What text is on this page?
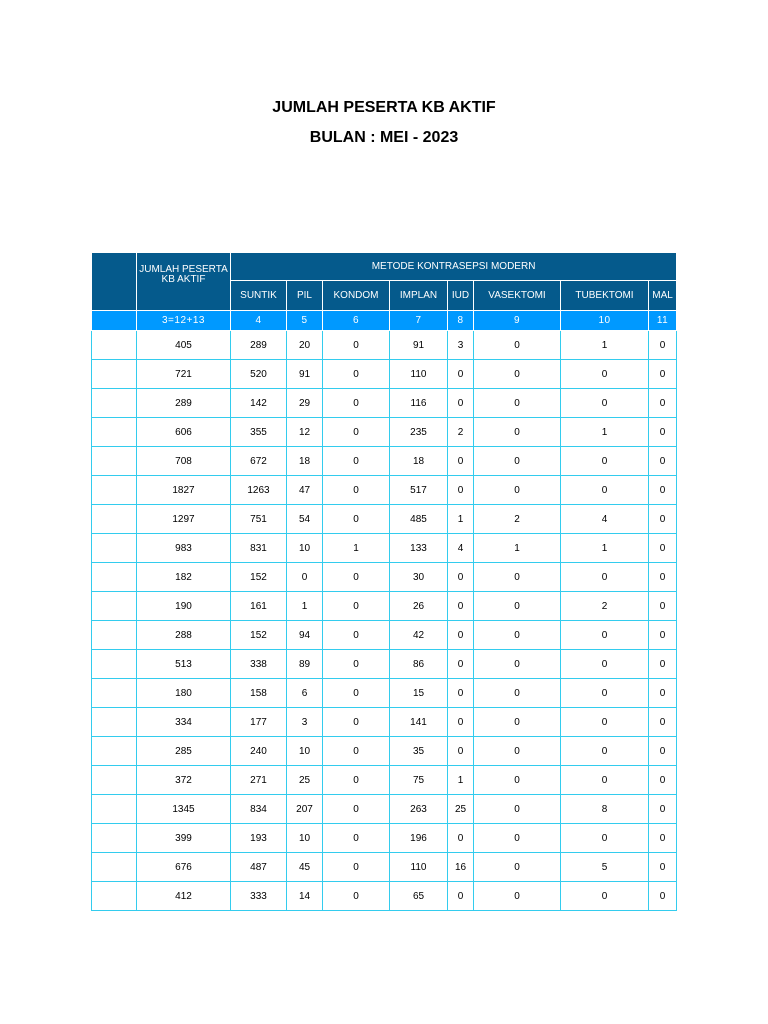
JUMLAH PESERTA KB AKTIF
BULAN : MEI - 2023
	JUMLAH PESERTA KB AKTIF	METODE KONTRASEPSI MODERN							
		SUNTIK	PIL	KONDOM	IMPLAN	IUD	VASEKTOMI	TUBEKTOMI	MAL
	3=12+13	4	5	6	7	8	9	10	11
	405	289	20	0	91	3	0	1	0
	721	520	91	0	110	0	0	0	0
	289	142	29	0	116	0	0	0	0
	606	355	12	0	235	2	0	1	0
	708	672	18	0	18	0	0	0	0
	1827	1263	47	0	517	0	0	0	0
	1297	751	54	0	485	1	2	4	0
	983	831	10	1	133	4	1	1	0
	182	152	0	0	30	0	0	0	0
	190	161	1	0	26	0	0	2	0
	288	152	94	0	42	0	0	0	0
	513	338	89	0	86	0	0	0	0
	180	158	6	0	15	0	0	0	0
	334	177	3	0	141	0	0	0	0
	285	240	10	0	35	0	0	0	0
	372	271	25	0	75	1	0	0	0
	1345	834	207	0	263	25	0	8	0
	399	193	10	0	196	0	0	0	0
	676	487	45	0	110	16	0	5	0
	412	333	14	0	65	0	0	0	0
